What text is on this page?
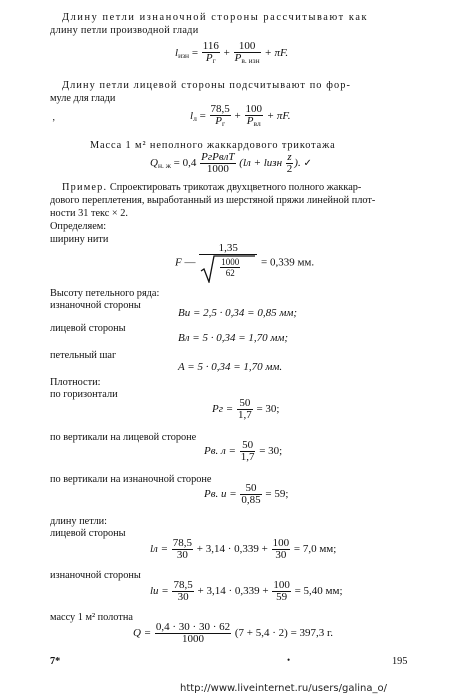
Длину петли изнаночной стороны рассчитывают как
длину петли производной глади
$l_{изн} = \frac{116}{P_г} + \frac{100}{P_{в. изн}} + \pi F$.
Длину петли лицевой стороны подсчитывают по фор-
муле для глади
$l_л = \frac{78,5}{P_г} + \frac{100}{P_{вл}} + \pi F$.
ʼ
Масса 1 м² неполного жаккардового трикотажа
$Q_{н. ж} = 0,4 \frac{\text{PгPвлT}}{1000} (lл$ + lизн $\frac{z}{2}$ ). ✓
Пример. Спроектировать трикотаж двухцветного полного жаккар-
дового переплетения, выработанный из шерстяной пряжи линейной плот-
ности 31 текс × 2.
Определяем:
ширину нити
F — $\frac{1,35}{\frac{1000}{62}} = 0,339$ мм.
Высоту петельного ряда:
изнаночной стороны
Bи = 2,5 · 0,34 = 0,85 мм;
лицевой стороны
Bл = 5 · 0,34 = 1,70 мм;
петельный шаг
A = 5 · 0,34 = 1,70 мм.
Плотности:
по горизонтали
Pг = $\frac{50}{1,7} = 30$;
по вертикали на лицевой стороне
Pв. $л = \frac{50}{1,7} = 30$;
по вертикали на изнаночной стороне
Pв. $и = \frac{50}{0,85} = 59$;
длину петли:
лицевой стороны
lл = $\frac{78,5}{30} + 3,14 \cdot 0,339 + \frac{100}{30} = 7,0$ мм;
изнаночной стороны
lи = $\frac{78,5}{30} + 3,14 \cdot 0,339 + \frac{100}{59} = 5,40$ мм;
массу 1 м² полотна
$Q = \frac{0,4 \cdot 30 \cdot 30 \cdot 62}{1000} (7 + 5,4 \cdot 2) = 397,3$ г.
7*	•	195
http://www.liveinternet.ru/users/galina_o/
